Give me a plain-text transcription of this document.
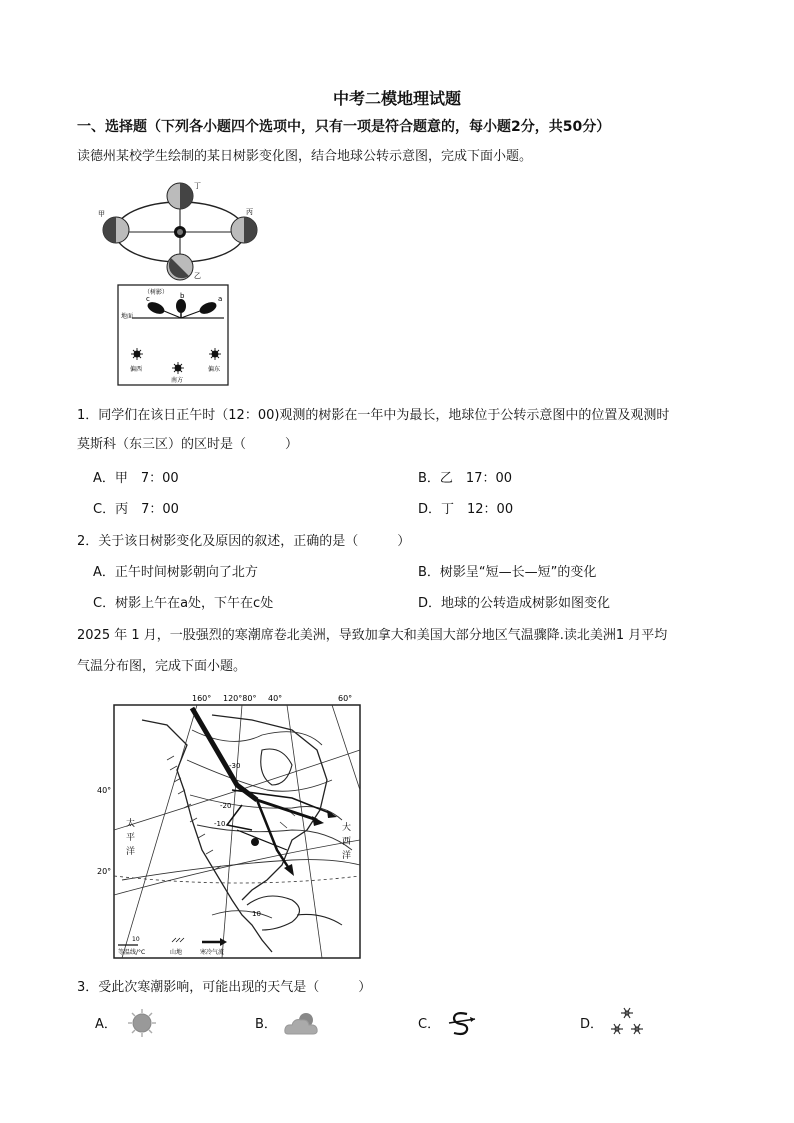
中考二模地理试题
一、选择题（下列各小题四个选项中，只有一项是符合题意的，每小题2分，共50分）
读德州某校学生绘制的某日树影变化图，结合地球公转示意图，完成下面小题。
丁
甲	丙
乙
（树影）
地面
c	b	a
偏西
南方
偏东
1．同学们在该日正午时（12：00)观测的树影在一年中为最长，地球位于公转示意图中的位置及观测时
莫斯科（东三区）的区时是（　　　）
A．甲　7：00	B．乙　17：00
C．丙　7：00	D．丁　12：00
2．关于该日树影变化及原因的叙述，正确的是（　　　）
A．正午时间树影朝向了北方	B．树影呈“短—长—短”的变化
C．树影上午在a处，下午在c处	D．地球的公转造成树影如图变化
2025 年 1 月，一股强烈的寒潮席卷北美洲，导致加拿大和美国大部分地区气温骤降.读北美洲1 月平均
气温分布图，完成下面小题。
160° 120°80° 40°	60°
40°
20°
-30
-20
-10
10
太
平
洋
大
西
洋
10
等温线/°C	山地	寒冷气流
3．受此次寒潮影响，可能出现的天气是（　　　）
A．	B．	C．	D．
